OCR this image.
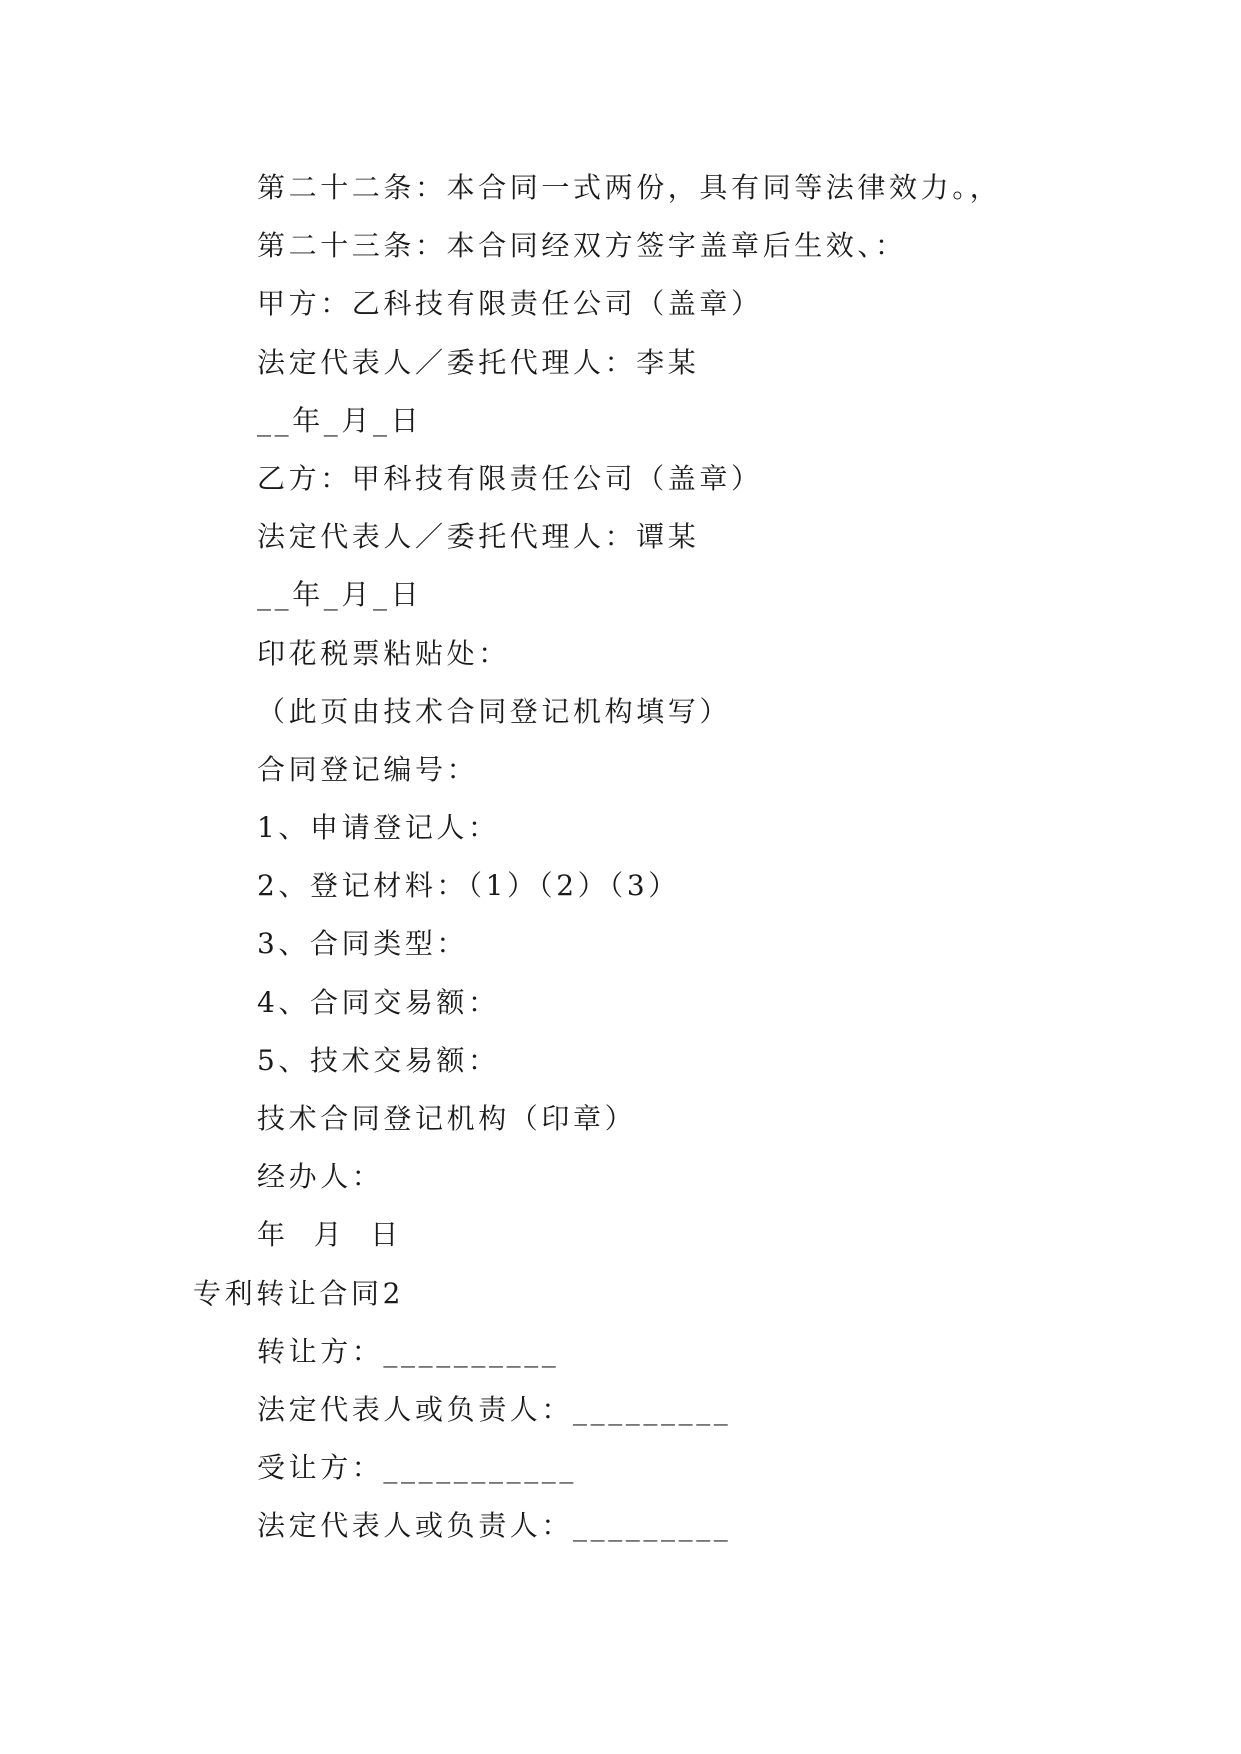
第二十二条：本合同一式两份，具有同等法律效力。，

第二十三条：本合同经双方签字盖章后生效、：

甲方：乙科技有限责任公司（盖章）

法定代表人／委托代理人：李某

__年_月_日

乙方：甲科技有限责任公司（盖章）

法定代表人／委托代理人：谭某

__年_月_日

印花税票粘贴处：

（此页由技术合同登记机构填写）

合同登记编号：

1、申请登记人：

2、登记材料：（1）（2）（3）

3、合同类型：

4、合同交易额：

5、技术交易额：

技术合同登记机构（印章）

经办人：

年  月  日

专利转让合同2

转让方：__________

法定代表人或负责人：_________

受让方：___________

法定代表人或负责人：_________
